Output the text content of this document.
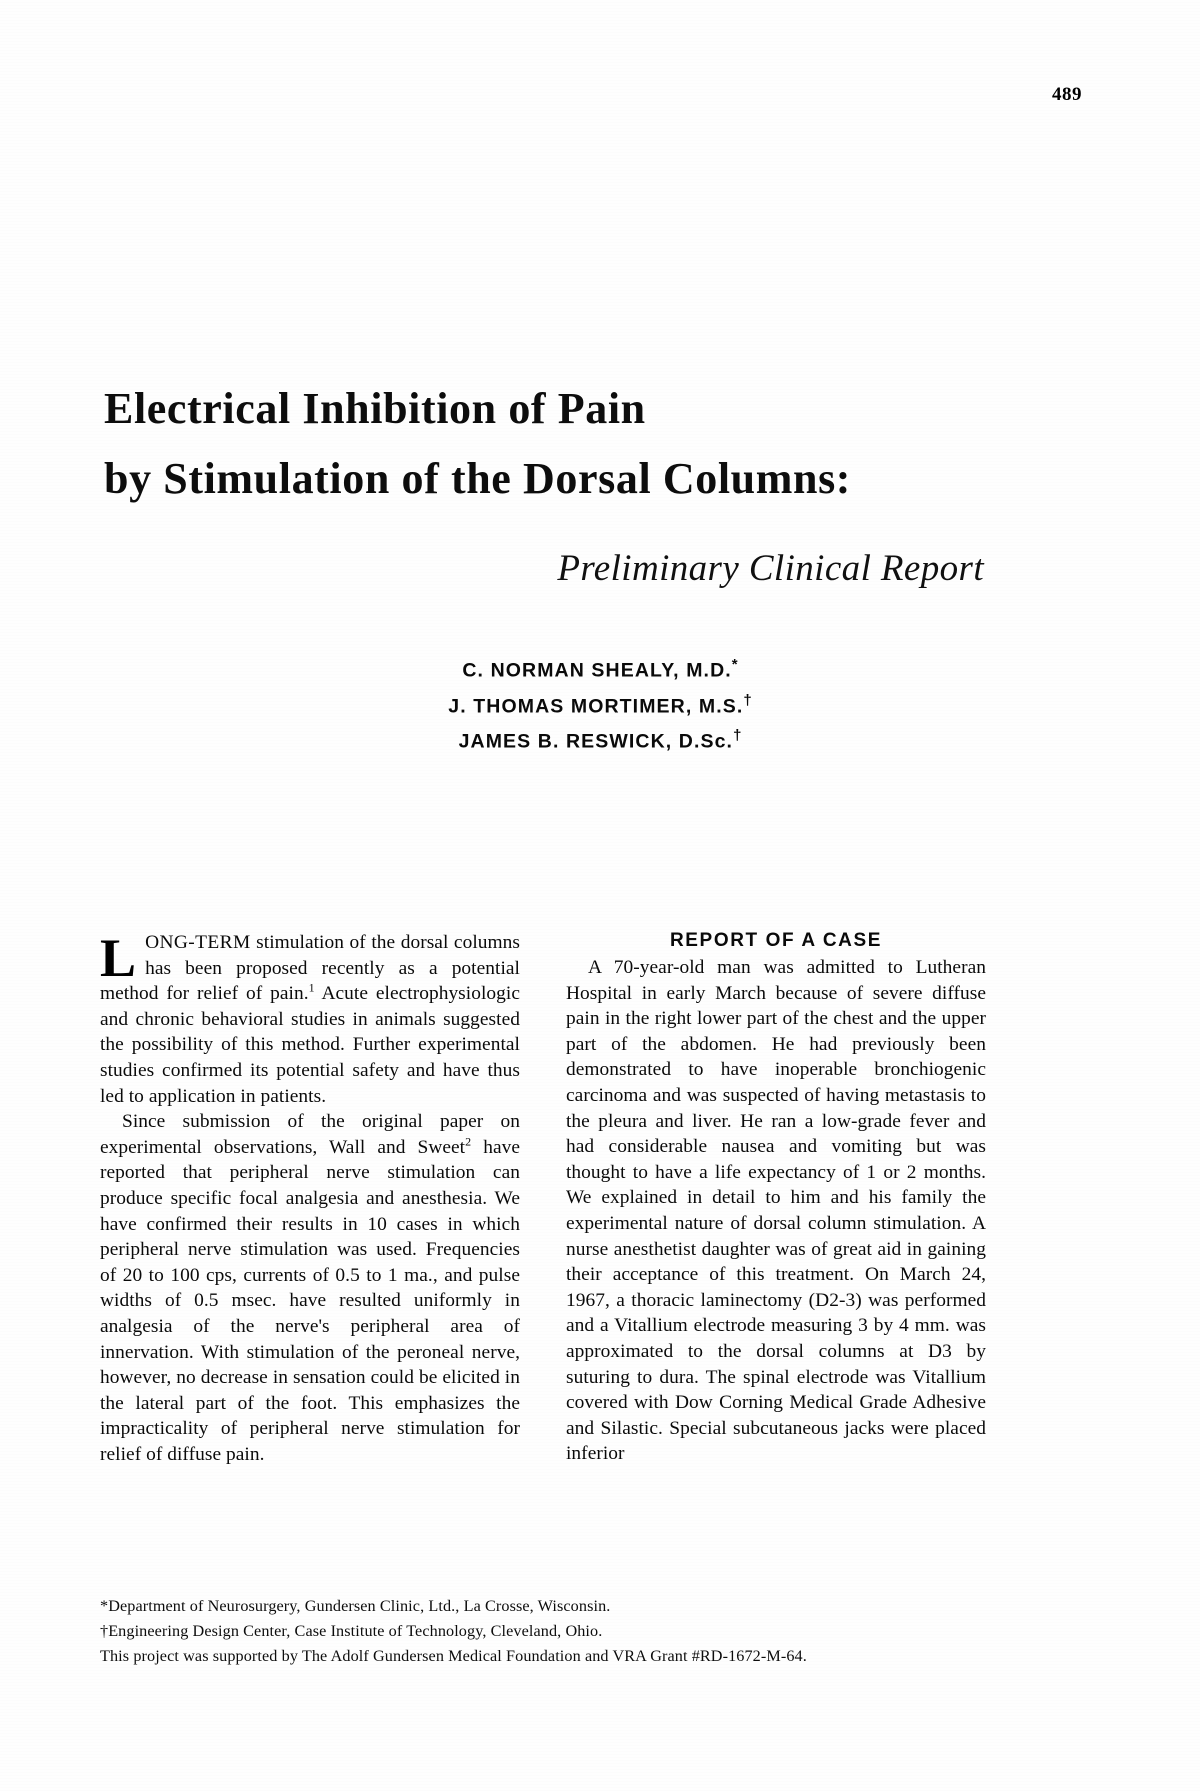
489
Electrical Inhibition of Pain
by Stimulation of the Dorsal Columns:
Preliminary Clinical Report
C. NORMAN SHEALY, M.D.*
J. THOMAS MORTIMER, M.S.†
JAMES B. RESWICK, D.Sc.†

LONG-TERM stimulation of the dorsal columns has been proposed recently as a potential method for relief of pain.$^1$ Acute electrophysiologic and chronic behavioral studies in animals suggested the possibility of this method. Further experimental studies confirmed its potential safety and have thus led to application in patients.

Since submission of the original paper on experimental observations, Wall and Sweet$^2$ have reported that peripheral nerve stimulation can produce specific focal analgesia and anesthesia. We have confirmed their results in 10 cases in which peripheral nerve stimulation was used. Frequencies of 20 to 100 cps, currents of 0.5 to 1 ma., and pulse widths of 0.5 msec. have resulted uniformly in analgesia of the nerve's peripheral area of innervation. With stimulation of the peroneal nerve, however, no decrease in sensation could be elicited in the lateral part of the foot. This emphasizes the impracticality of peripheral nerve stimulation for relief of diffuse pain.

REPORT OF A CASE

A 70-year-old man was admitted to Lutheran Hospital in early March because of severe diffuse pain in the right lower part of the chest and the upper part of the abdomen. He had previously been demonstrated to have inoperable bronchiogenic carcinoma and was suspected of having metastasis to the pleura and liver. He ran a low-grade fever and had considerable nausea and vomiting but was thought to have a life expectancy of 1 or 2 months. We explained in detail to him and his family the experimental nature of dorsal column stimulation. A nurse anesthetist daughter was of great aid in gaining their acceptance of this treatment. On March 24, 1967, a thoracic laminectomy (D2-3) was performed and a Vitallium electrode measuring 3 by 4 mm. was approximated to the dorsal columns at D3 by suturing to dura. The spinal electrode was Vitallium covered with Dow Corning Medical Grade Adhesive and Silastic. Special subcutaneous jacks were placed inferior

*Department of Neurosurgery, Gundersen Clinic, Ltd., La Crosse, Wisconsin.
†Engineering Design Center, Case Institute of Technology, Cleveland, Ohio.
This project was supported by The Adolf Gundersen Medical Foundation and VRA Grant #RD-1672-M-64.
